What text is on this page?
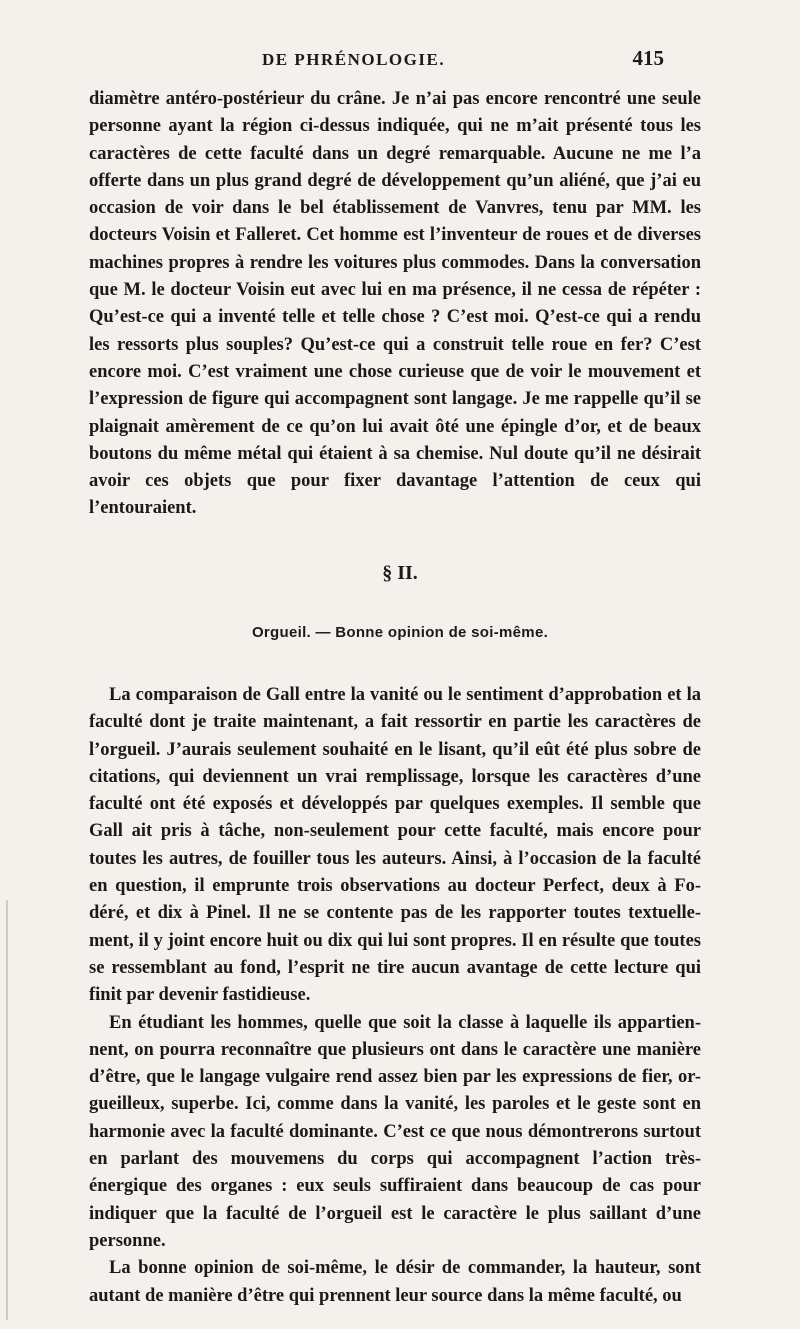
DE PHRÉNOLOGIE.	415

diamètre antéro-postérieur du crâne. Je n’ai pas encore rencontré une seule personne ayant la région ci-dessus indiquée, qui ne m’ait présenté tous les caractères de cette faculté dans un degré remarquable. Aucune ne me l’a offerte dans un plus grand degré de développement qu’un aliéné, que j’ai eu occasion de voir dans le bel établissement de Vanvres, tenu par MM. les docteurs Voisin et Falleret. Cet homme est l’inventeur de roues et de diverses machines propres à rendre les voitures plus commodes. Dans la conversation que M. le docteur Voisin eut avec lui en ma présence, il ne cessa de répéter : Qu’est-ce qui a inventé telle et telle chose ? C’est moi. Q’est-ce qui a rendu les ressorts plus souples? Qu’est-ce qui a construit telle roue en fer? C’est encore moi. C’est vraiment une chose curieuse que de voir le mouvement et l’expression de figure qui accompagnent sont langage. Je me rappelle qu’il se plaignait amèrement de ce qu’on lui avait ôté une épingle d’or, et de beaux boutons du même métal qui étaient à sa chemise. Nul doute qu’il ne désirait avoir ces objets que pour fixer davantage l’attention de ceux qui l’entouraient.

§ II.
Orgueil. — Bonne opinion de soi-même.

La comparaison de Gall entre la vanité ou le sentiment d’approbation et la faculté dont je traite maintenant, a fait ressortir en partie les caractères de l’orgueil. J’aurais seulement souhaité en le lisant, qu’il eût été plus sobre de citations, qui deviennent un vrai remplissage, lorsque les caractères d’une faculté ont été exposés et développés par quelques exemples. Il semble que Gall ait pris à tâche, non-seulement pour cette faculté, mais encore pour toutes les autres, de fouiller tous les auteurs. Ainsi, à l’occasion de la faculté en question, il emprunte trois observations au docteur Perfect, deux à Fo-déré, et dix à Pinel. Il ne se contente pas de les rapporter toutes textuelle-ment, il y joint encore huit ou dix qui lui sont propres. Il en résulte que toutes se ressemblant au fond, l’esprit ne tire aucun avantage de cette lecture qui finit par devenir fastidieuse.

En étudiant les hommes, quelle que soit la classe à laquelle ils appartien-nent, on pourra reconnaître que plusieurs ont dans le caractère une manière d’être, que le langage vulgaire rend assez bien par les expressions de fier, or-gueilleux, superbe. Ici, comme dans la vanité, les paroles et le geste sont en harmonie avec la faculté dominante. C’est ce que nous démontrerons surtout en parlant des mouvemens du corps qui accompagnent l’action très-énergique des organes : eux seuls suffiraient dans beaucoup de cas pour indiquer que la faculté de l’orgueil est le caractère le plus saillant d’une personne.

La bonne opinion de soi-même, le désir de commander, la hauteur, sont autant de manière d’être qui prennent leur source dans la même faculté, ou
